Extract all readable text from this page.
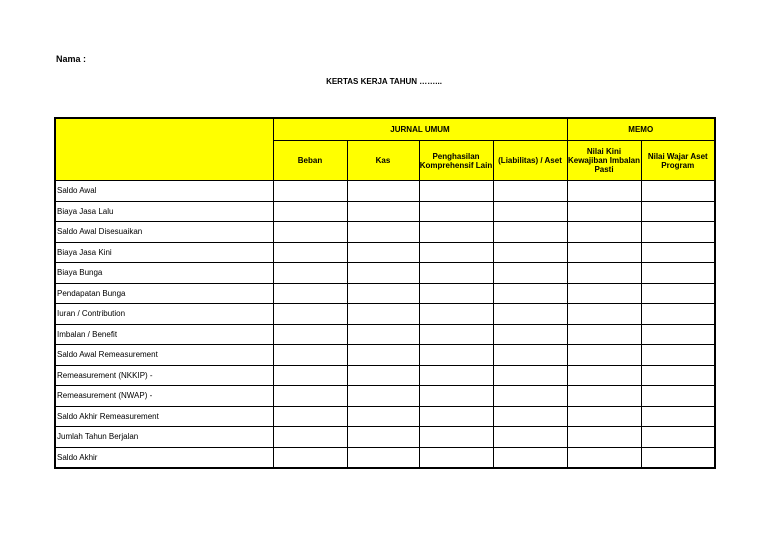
Nama :
KERTAS KERJA TAHUN ……...
	JURNAL UMUM				MEMO	
	Beban	Kas	Penghasilan Komprehensif Lain	(Liabilitas) / Aset	Nilai Kini Kewajiban Imbalan Pasti	Nilai Wajar Aset Program
Saldo Awal						
Biaya Jasa Lalu						
Saldo Awal Disesuaikan						
Biaya Jasa Kini						
Biaya Bunga						
Pendapatan Bunga						
Iuran / Contribution						
Imbalan / Benefit						
Saldo Awal Remeasurement						
Remeasurement (NKKIP) -						
Remeasurement (NWAP) -						
Saldo Akhir Remeasurement						
Jumlah Tahun Berjalan						
Saldo Akhir						
